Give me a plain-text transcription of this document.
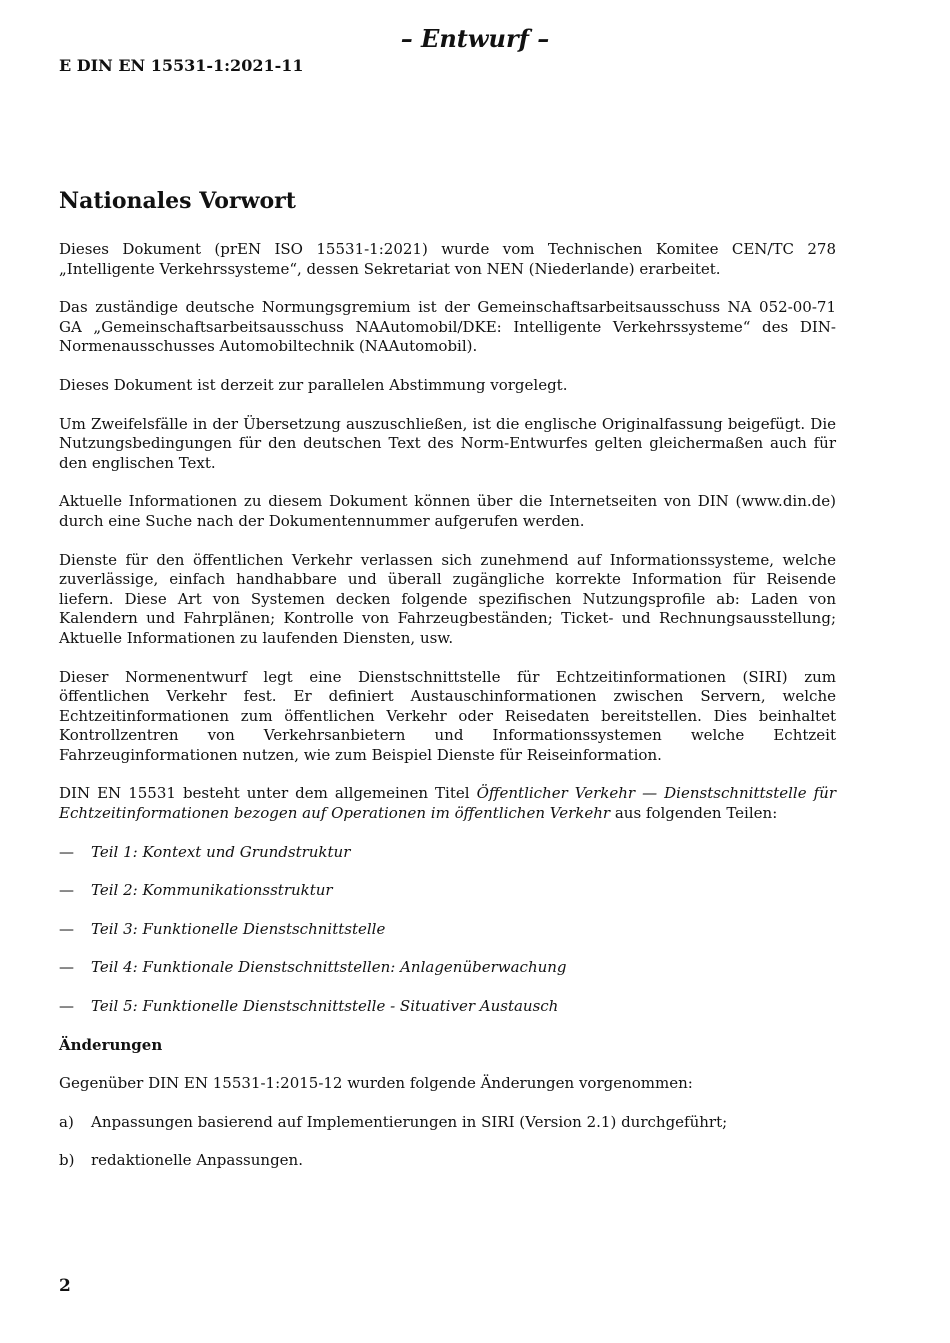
– Entwurf –
E DIN EN 15531-1:2021-11
Nationales Vorwort

Dieses Dokument (prEN ISO 15531-1:2021) wurde vom Technischen Komitee CEN/TC 278 „Intelligente Verkehrssysteme“, dessen Sekretariat von NEN (Niederlande) erarbeitet.

Das zuständige deutsche Normungsgremium ist der Gemeinschaftsarbeitsausschuss NA 052-00-71 GA „Gemeinschaftsarbeitsausschuss NAAutomobil/DKE: Intelligente Verkehrssysteme“ des DIN-Normenausschusses Automobiltechnik (NAAutomobil).

Dieses Dokument ist derzeit zur parallelen Abstimmung vorgelegt.

Um Zweifelsfälle in der Übersetzung auszuschließen, ist die englische Originalfassung beigefügt. Die Nutzungsbedingungen für den deutschen Text des Norm-Entwurfes gelten gleichermaßen auch für den englischen Text.

Aktuelle Informationen zu diesem Dokument können über die Internetseiten von DIN (www.din.de) durch eine Suche nach der Dokumentennummer aufgerufen werden.

Dienste für den öffentlichen Verkehr verlassen sich zunehmend auf Informationssysteme, welche zuverlässige, einfach handhabbare und überall zugängliche korrekte Information für Reisende liefern. Diese Art von Systemen decken folgende spezifischen Nutzungsprofile ab: Laden von Kalendern und Fahrplänen; Kontrolle von Fahrzeugbeständen; Ticket- und Rechnungsausstellung; Aktuelle Informationen zu laufenden Diensten, usw.

Dieser Normenentwurf legt eine Dienstschnittstelle für Echtzeitinformationen (SIRI) zum öffentlichen Verkehr fest. Er definiert Austauschinformationen zwischen Servern, welche Echtzeitinformationen zum öffentlichen Verkehr oder Reisedaten bereitstellen. Dies beinhaltet Kontrollzentren von Verkehrsanbietern und Informationssystemen welche Echtzeit Fahrzeuginformationen nutzen, wie zum Beispiel Dienste für Reiseinformation.

DIN EN 15531 besteht unter dem allgemeinen Titel Öffentlicher Verkehr — Dienstschnittstelle für Echtzeitinformationen bezogen auf Operationen im öffentlichen Verkehr aus folgenden Teilen:

—	Teil 1: Kontext und Grundstruktur
—	Teil 2: Kommunikationsstruktur
—	Teil 3: Funktionelle Dienstschnittstelle
—	Teil 4: Funktionale Dienstschnittstellen: Anlagenüberwachung
—	Teil 5: Funktionelle Dienstschnittstelle - Situativer Austausch
Änderungen

Gegenüber DIN EN 15531-1:2015-12 wurden folgende Änderungen vorgenommen:

a)	Anpassungen basierend auf Implementierungen in SIRI (Version 2.1) durchgeführt;
b)	redaktionelle Anpassungen.
2
